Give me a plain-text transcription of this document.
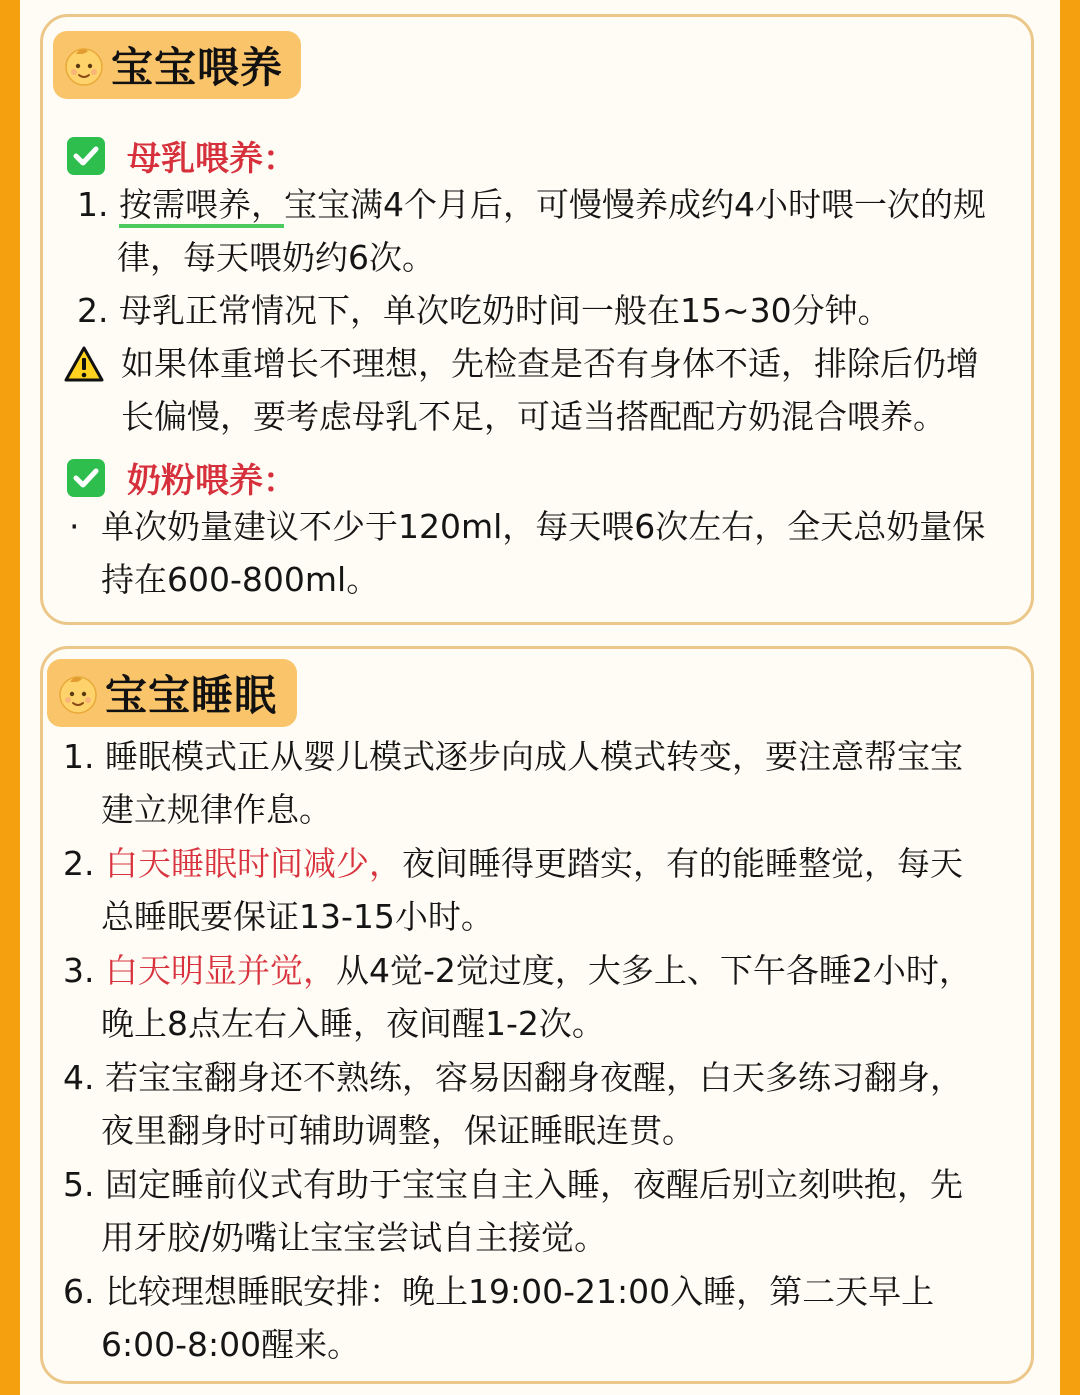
宝宝喂养
母乳喂养：
1. 按需喂养，宝宝满4个月后，可慢慢养成约4小时喂一次的规
律，每天喂奶约6次。
2. 母乳正常情况下，单次吃奶时间一般在15~30分钟。
如果体重增长不理想，先检查是否有身体不适，排除后仍增
长偏慢，要考虑母乳不足，可适当搭配配方奶混合喂养。
奶粉喂养：
· 单次奶量建议不少于120ml，每天喂6次左右，全天总奶量保
持在600-800ml。
宝宝睡眠
1. 睡眠模式正从婴儿模式逐步向成人模式转变，要注意帮宝宝
建立规律作息。
2. 白天睡眠时间减少，夜间睡得更踏实，有的能睡整觉，每天
总睡眠要保证13-15小时。
3. 白天明显并觉，从4觉-2觉过度，大多上、下午各睡2小时，
晚上8点左右入睡，夜间醒1-2次。
4. 若宝宝翻身还不熟练，容易因翻身夜醒，白天多练习翻身，
夜里翻身时可辅助调整，保证睡眠连贯。
5. 固定睡前仪式有助于宝宝自主入睡，夜醒后别立刻哄抱，先
用牙胶/奶嘴让宝宝尝试自主接觉。
6. 比较理想睡眠安排：晚上19:00-21:00入睡，第二天早上
6:00-8:00醒来。
